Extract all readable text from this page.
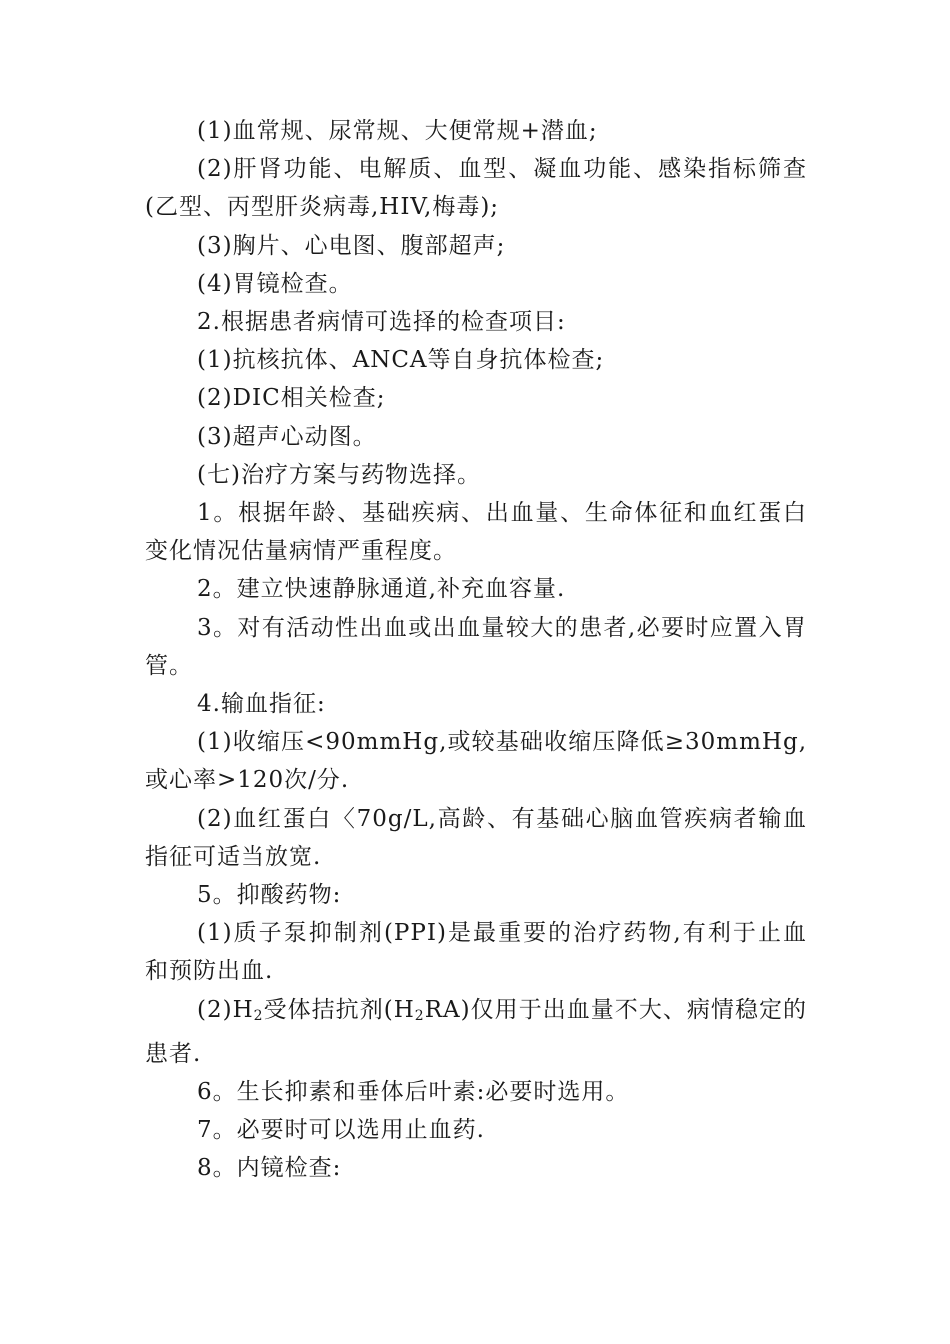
(1)血常规、尿常规、大便常规+潜血;

(2)肝肾功能、电解质、血型、凝血功能、感染指标筛查(乙型、丙型肝炎病毒,HIV,梅毒);

(3)胸片、心电图、腹部超声;

(4)胃镜检查。

2.根据患者病情可选择的检查项目:

(1)抗核抗体、ANCA等自身抗体检查;

(2)DIC相关检查;

(3)超声心动图。

(七)治疗方案与药物选择。

1。根据年龄、基础疾病、出血量、生命体征和血红蛋白变化情况估量病情严重程度。

2。建立快速静脉通道,补充血容量.

3。对有活动性出血或出血量较大的患者,必要时应置入胃管。

4.输血指征:

(1)收缩压<90mmHg,或较基础收缩压降低≥30mmHg,或心率>120次/分.

(2)血红蛋白〈70g/L,高龄、有基础心脑血管疾病者输血指征可适当放宽.

5。抑酸药物:

(1)质子泵抑制剂(PPI)是最重要的治疗药物,有利于止血和预防出血.

$(2)H_2$受体拮抗剂$(H_2RA)$仅用于出血量不大、病情稳定的患者.

6。生长抑素和垂体后叶素:必要时选用。

7。必要时可以选用止血药.

8。内镜检查:
